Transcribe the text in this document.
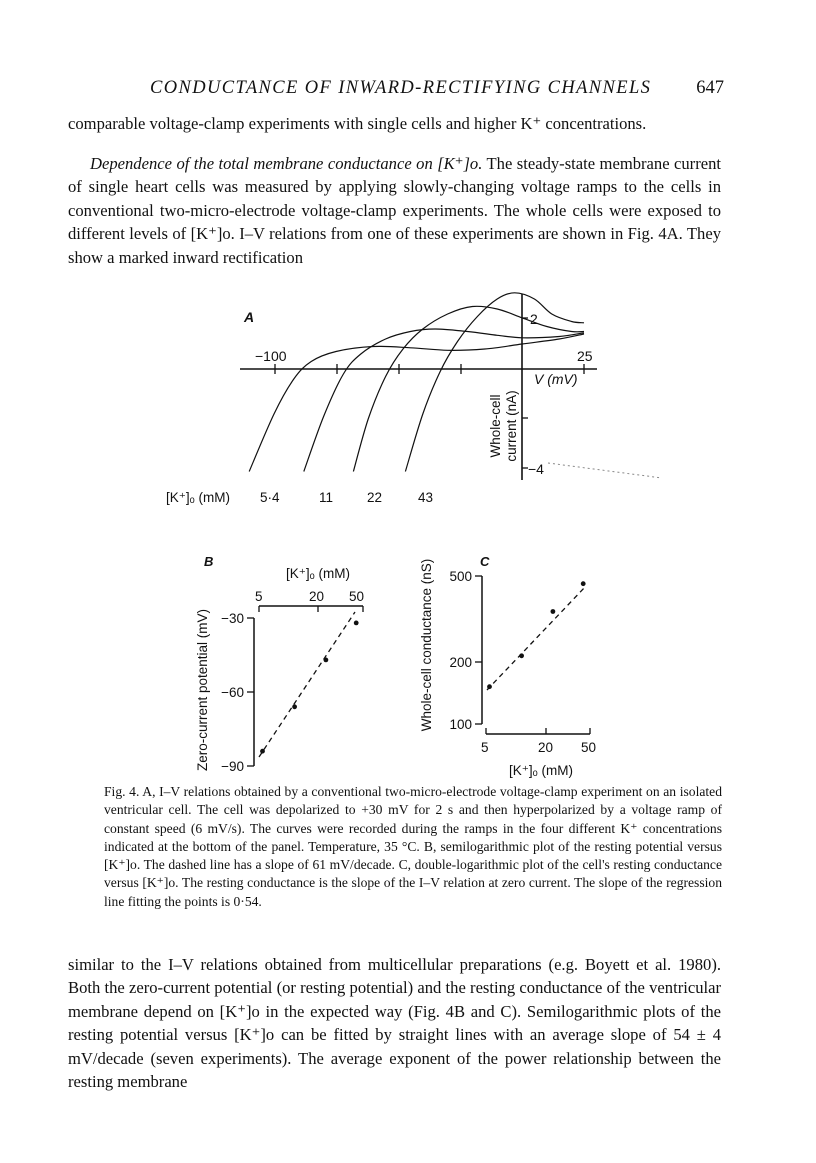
CONDUCTANCE OF INWARD-RECTIFYING CHANNELS 647

comparable voltage-clamp experiments with single cells and higher K⁺ concentrations.

Dependence of the total membrane conductance on [K⁺]o. The steady-state membrane current of single heart cells was measured by applying slowly-changing voltage ramps to the cells in conventional two-micro-electrode voltage-clamp experiments. The whole cells were exposed to different levels of [K⁺]o. I–V relations from one of these experiments are shown in Fig. 4A. They show a marked inward rectification

A
−100	25
V (mV)
2
−4
Whole-cell current (nA)
[K⁺]ₒ (mM) 5·4	11	22	43
B
[K⁺]ₒ (mM)
5	20 50
−30
−60
−90
Zero-current potential (mV)
C
Whole-cell conductance (nS) 500
200
100
5	20 50
[K⁺]ₒ (mM)
Fig. 4. A, I–V relations obtained by a conventional two-micro-electrode voltage-clamp experiment on an isolated ventricular cell. The cell was depolarized to +30 mV for 2 s and then hyperpolarized by a voltage ramp of constant speed (6 mV/s). The curves were recorded during the ramps in the four different K⁺ concentrations indicated at the bottom of the panel. Temperature, 35 °C. B, semilogarithmic plot of the resting potential versus [K⁺]o. The dashed line has a slope of 61 mV/decade. C, double-logarithmic plot of the cell's resting conductance versus [K⁺]o. The resting conductance is the slope of the I–V relation at zero current. The slope of the regression line fitting the points is 0·54.

similar to the I–V relations obtained from multicellular preparations (e.g. Boyett et al. 1980). Both the zero-current potential (or resting potential) and the resting conductance of the ventricular membrane depend on [K⁺]o in the expected way (Fig. 4B and C). Semilogarithmic plots of the resting potential versus [K⁺]o can be fitted by straight lines with an average slope of 54 ± 4 mV/decade (seven experiments). The average exponent of the power relationship between the resting membrane
